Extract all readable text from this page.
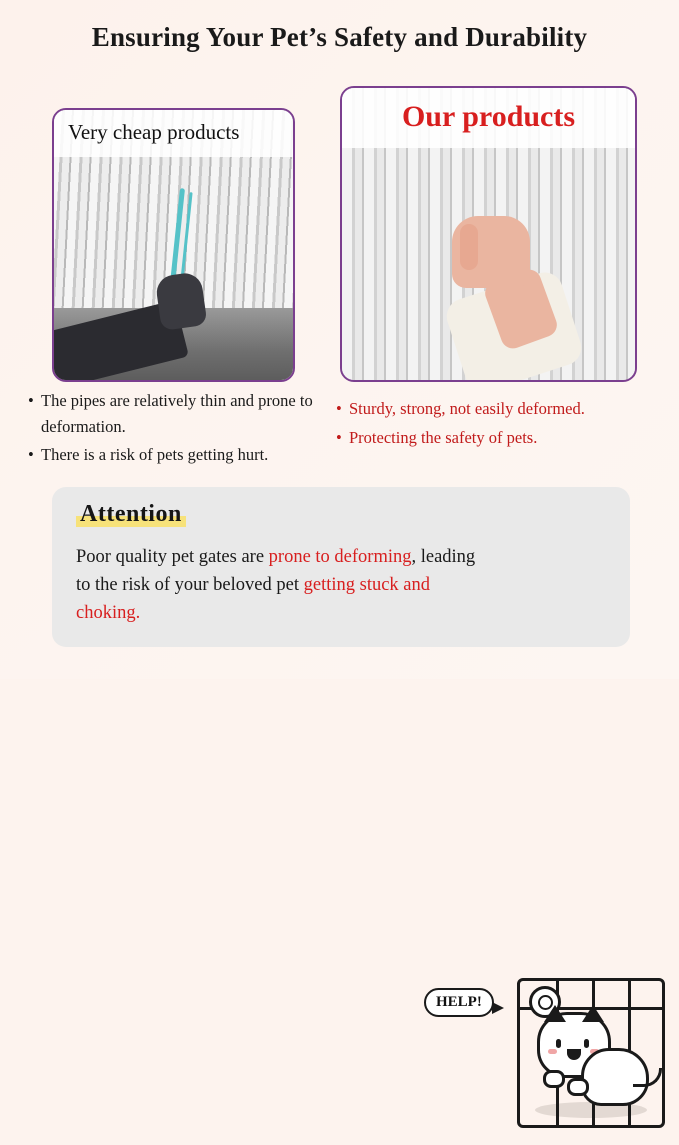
Ensuring Your Pet’s Safety and Durability
Very cheap products	Our products
• The pipes are relatively thin and prone to deformation.
• There is a risk of pets getting hurt.
• Sturdy, strong, not easily deformed.
• Protecting the safety of pets.
Attention
Poor quality pet gates are prone to deforming, leading to the risk of your beloved pet getting stuck and choking.
HELP!
